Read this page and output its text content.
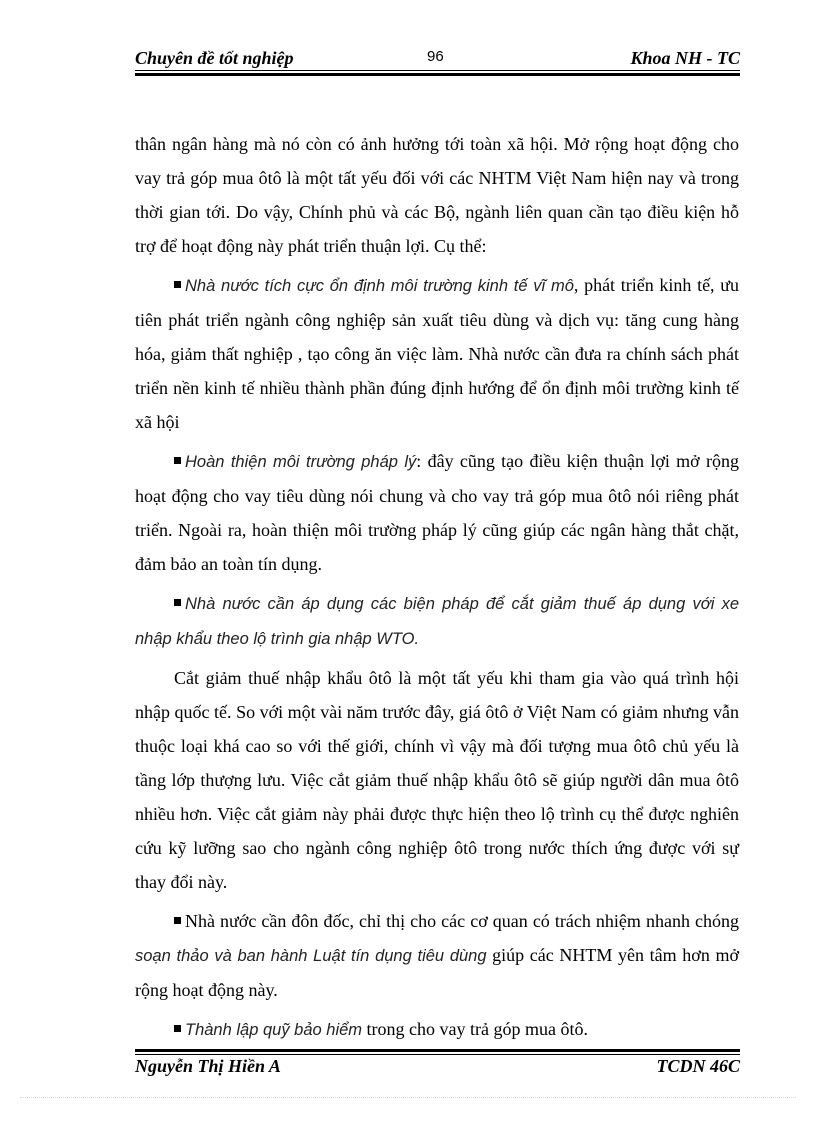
Chuyên đề tốt nghiệp	96	Khoa NH - TC

thân ngân hàng mà nó còn có ảnh hưởng tới toàn xã hội. Mở rộng hoạt động cho vay trả góp mua ôtô là một tất yếu đối với các NHTM Việt Nam hiện nay và trong thời gian tới. Do vậy, Chính phủ và các Bộ, ngành liên quan cần tạo điều kiện hỗ trợ để hoạt động này phát triển thuận lợi. Cụ thể:

Nhà nước tích cực ổn định môi trường kinh tế vĩ mô, phát triển kinh tế, ưu tiên phát triển ngành công nghiệp sản xuất tiêu dùng và dịch vụ: tăng cung hàng hóa, giảm thất nghiệp , tạo công ăn việc làm. Nhà nước cần đưa ra chính sách phát triển nền kinh tế nhiều thành phần đúng định hướng để ổn định môi trường kinh tế xã hội

Hoàn thiện môi trường pháp lý: đây cũng tạo điều kiện thuận lợi mở rộng hoạt động cho vay tiêu dùng nói chung và cho vay trả góp mua ôtô nói riêng phát triển. Ngoài ra, hoàn thiện môi trường pháp lý cũng giúp các ngân hàng thắt chặt, đảm bảo an toàn tín dụng.

Nhà nước cần áp dụng các biện pháp để cắt giảm thuế áp dụng với xe nhập khẩu theo lộ trình gia nhập WTO.

Cắt giảm thuế nhập khẩu ôtô là một tất yếu khi tham gia vào quá trình hội nhập quốc tế. So với một vài năm trước đây, giá ôtô ở Việt Nam có giảm nhưng vẫn thuộc loại khá cao so với thế giới, chính vì vậy mà đối tượng mua ôtô chủ yếu là tầng lớp thượng lưu. Việc cắt giảm thuế nhập khẩu ôtô sẽ giúp người dân mua ôtô nhiều hơn. Việc cắt giảm này phải được thực hiện theo lộ trình cụ thể được nghiên cứu kỹ lưỡng sao cho ngành công nghiệp ôtô trong nước thích ứng được với sự thay đổi này.

Nhà nước cần đôn đốc, chỉ thị cho các cơ quan có trách nhiệm nhanh chóng soạn thảo và ban hành Luật tín dụng tiêu dùng giúp các NHTM yên tâm hơn mở rộng hoạt động này.

Thành lập quỹ bảo hiểm trong cho vay trả góp mua ôtô.

Nguyễn Thị Hiền A	TCDN 46C
